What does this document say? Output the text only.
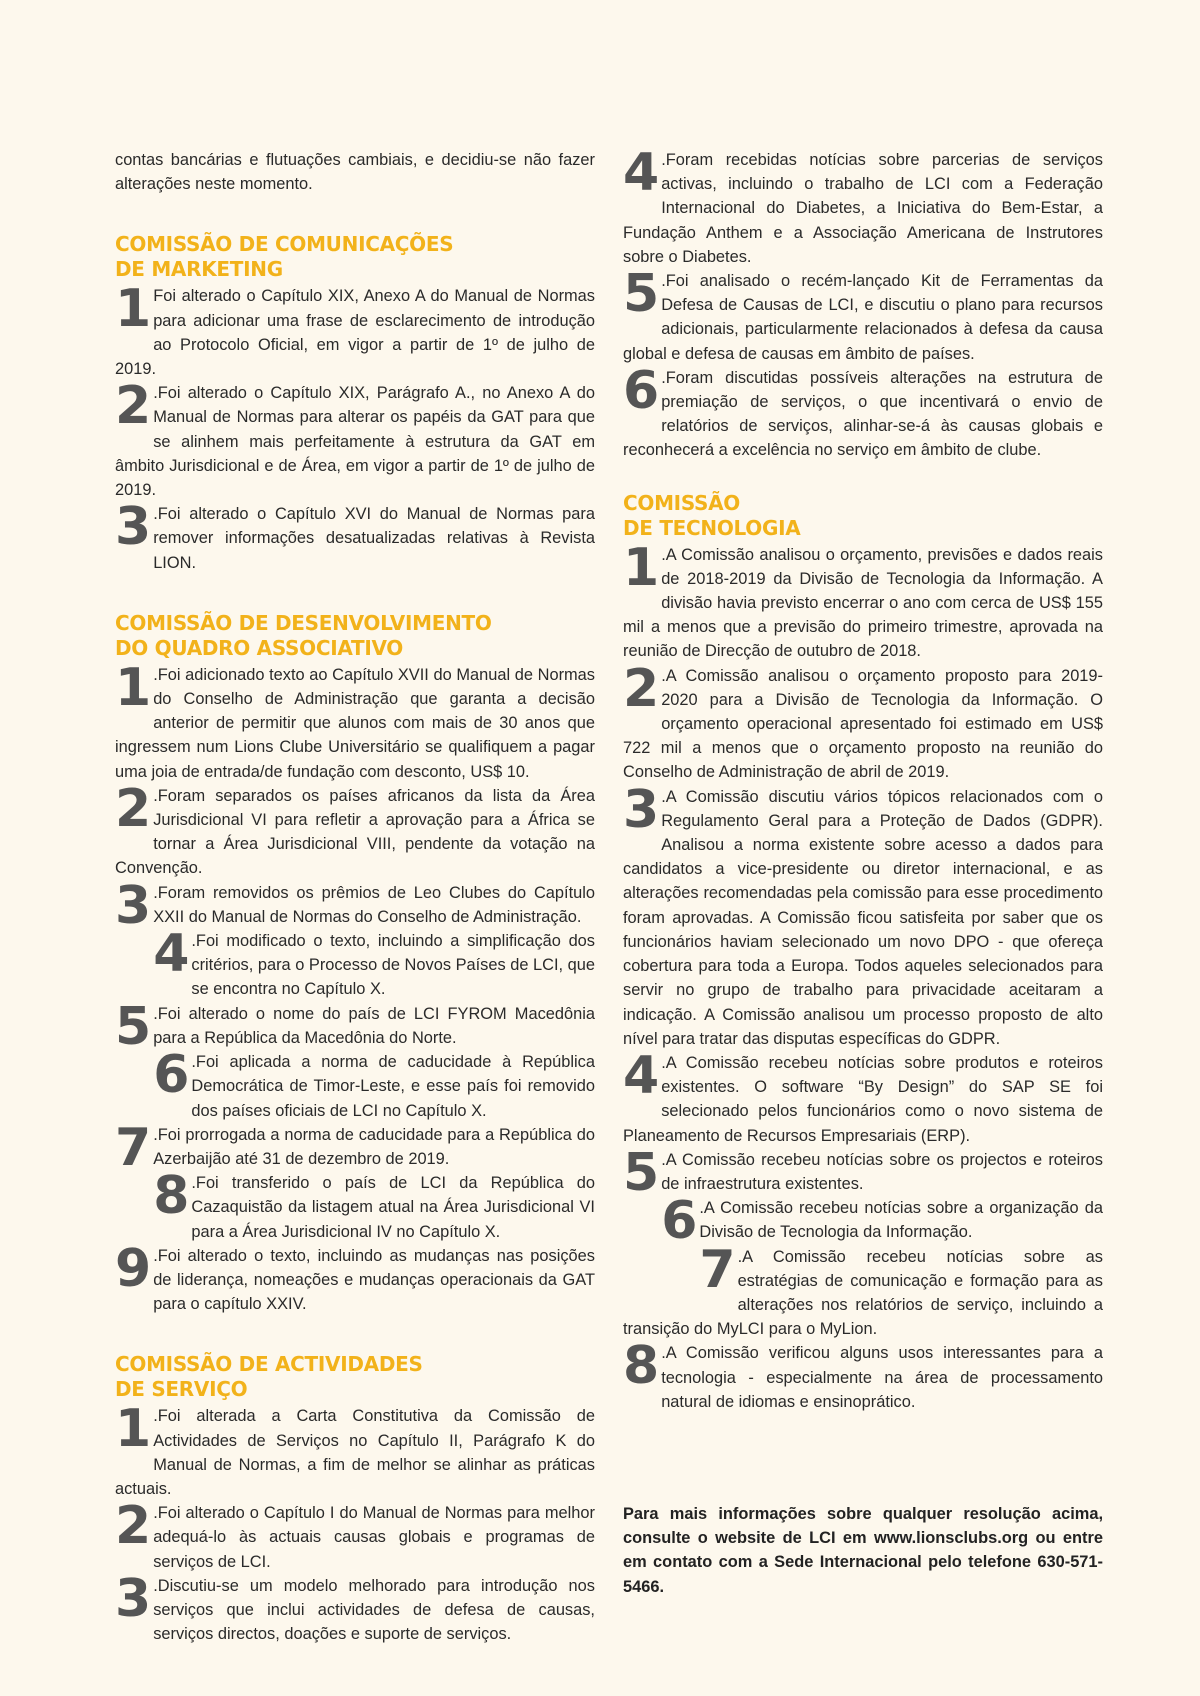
contas bancárias e flutuações cambiais, e decidiu-se não fazer alterações neste momento.

COMISSÃO DE COMUNICAÇÕES
DE MARKETING

1 Foi alterado o Capítulo XIX, Anexo A do Manual de Normas para adicionar uma frase de esclarecimento de introdução ao Protocolo Oficial, em vigor a partir de 1º de julho de 2019.

2 .Foi alterado o Capítulo XIX, Parágrafo A., no Anexo A do Manual de Normas para alterar os papéis da GAT para que se alinhem mais perfeitamente à estrutura da GAT em âmbito Jurisdicional e de Área, em vigor a partir de 1º de julho de 2019.

3 .Foi alterado o Capítulo XVI do Manual de Normas para remover informações desatualizadas relativas à Revista LION.

COMISSÃO DE DESENVOLVIMENTO
DO QUADRO ASSOCIATIVO

1 .Foi adicionado texto ao Capítulo XVII do Manual de Normas do Conselho de Administração que garanta a decisão anterior de permitir que alunos com mais de 30 anos que ingressem num Lions Clube Universitário se qualifiquem a pagar uma joia de entrada/de fundação com desconto, US$ 10.

2 .Foram separados os países africanos da lista da Área Jurisdicional VI para refletir a aprovação para a África se tornar a Área Jurisdicional VIII, pendente da votação na Convenção.

3 .Foram removidos os prêmios de Leo Clubes do Capítulo XXII do Manual de Normas do Conselho de Administração.

4 .Foi modificado o texto, incluindo a simplificação dos critérios, para o Processo de Novos Países de LCI, que se encontra no Capítulo X.

5 .Foi alterado o nome do país de LCI FYROM Macedônia para a República da Macedônia do Norte.

6 .Foi aplicada a norma de caducidade à República Democrática de Timor-Leste, e esse país foi removido dos países oficiais de LCI no Capítulo X.

7 .Foi prorrogada a norma de caducidade para a República do Azerbaijão até 31 de dezembro de 2019.

8 .Foi transferido o país de LCI da República do Cazaquistão da listagem atual na Área Jurisdicional VI para a Área Jurisdicional IV no Capítulo X.

9 .Foi alterado o texto, incluindo as mudanças nas posições de liderança, nomeações e mudanças operacionais da GAT para o capítulo XXIV.

COMISSÃO DE ACTIVIDADES
DE SERVIÇO

1 .Foi alterada a Carta Constitutiva da Comissão de Actividades de Serviços no Capítulo II, Parágrafo K do Manual de Normas, a fim de melhor se alinhar as práticas actuais.

2 .Foi alterado o Capítulo I do Manual de Normas para melhor adequá-lo às actuais causas globais e programas de serviços de LCI.

3 .Discutiu-se um modelo melhorado para introdução nos serviços que inclui actividades de defesa de causas, serviços directos, doações e suporte de serviços.

4 .Foram recebidas notícias sobre parcerias de serviços activas, incluindo o trabalho de LCI com a Federação Internacional do Diabetes, a Iniciativa do Bem-Estar, a Fundação Anthem e a Associação Americana de Instrutores sobre o Diabetes.

5 .Foi analisado o recém-lançado Kit de Ferramentas da Defesa de Causas de LCI, e discutiu o plano para recursos adicionais, particularmente relacionados à defesa da causa global e defesa de causas em âmbito de países.

6 .Foram discutidas possíveis alterações na estrutura de premiação de serviços, o que incentivará o envio de relatórios de serviços, alinhar-se-á às causas globais e reconhecerá a excelência no serviço em âmbito de clube.

COMISSÃO
DE TECNOLOGIA

1 .A Comissão analisou o orçamento, previsões e dados reais de 2018-2019 da Divisão de Tecnologia da Informação. A divisão havia previsto encerrar o ano com cerca de US$ 155 mil a menos que a previsão do primeiro trimestre, aprovada na reunião de Direcção de outubro de 2018.

2 .A Comissão analisou o orçamento proposto para 2019-2020 para a Divisão de Tecnologia da Informação. O orçamento operacional apresentado foi estimado em US$ 722 mil a menos que o orçamento proposto na reunião do Conselho de Administração de abril de 2019.

3 .A Comissão discutiu vários tópicos relacionados com o Regulamento Geral para a Proteção de Dados (GDPR). Analisou a norma existente sobre acesso a dados para candidatos a vice-presidente ou diretor internacional, e as alterações recomendadas pela comissão para esse procedimento foram aprovadas. A Comissão ficou satisfeita por saber que os funcionários haviam selecionado um novo DPO - que ofereça cobertura para toda a Europa. Todos aqueles selecionados para servir no grupo de trabalho para privacidade aceitaram a indicação. A Comissão analisou um processo proposto de alto nível para tratar das disputas específicas do GDPR.

4 .A Comissão recebeu notícias sobre produtos e roteiros existentes. O software “By Design” do SAP SE foi selecionado pelos funcionários como o novo sistema de Planeamento de Recursos Empresariais (ERP).

5 .A Comissão recebeu notícias sobre os projectos e roteiros de infraestrutura existentes.

6 .A Comissão recebeu notícias sobre a organização da Divisão de Tecnologia da Informação.

7 .A Comissão recebeu notícias sobre as estratégias de comunicação e formação para as alterações nos relatórios de serviço, incluindo a transição do MyLCI para o MyLion.

8 .A Comissão verificou alguns usos interessantes para a tecnologia - especialmente na área de processamento natural de idiomas e ensinoprático.

Para mais informações sobre qualquer resolução acima, consulte o website de LCI em www.lionsclubs.org ou entre em contato com a Sede Internacional pelo telefone 630-571-5466.
